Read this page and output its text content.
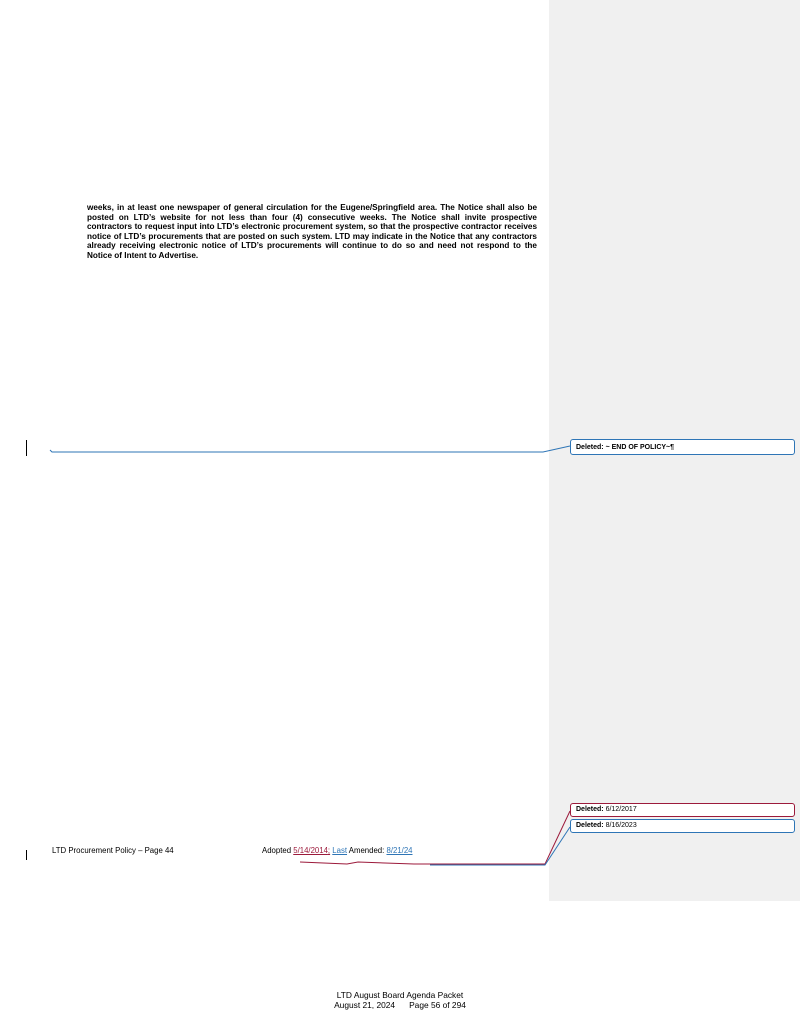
weeks, in at least one newspaper of general circulation for the Eugene/Springfield area. The Notice shall also be posted on LTD’s website for not less than four (4) consecutive weeks. The Notice shall invite prospective contractors to request input into LTD’s electronic procurement system, so that the prospective contractor receives notice of LTD’s procurements that are posted on such system. LTD may indicate in the Notice that any contractors already receiving electronic notice of LTD’s procurements will continue to do so and need not respond to the Notice of Intent to Advertise.

Deleted: ~ END OF POLICY~¶
Deleted: 6/12/2017
Deleted: 8/16/2023
LTD Procurement Policy – Page 44	Adopted 5/14/2014; Last Amended: 8/21/24
LTD August Board Agenda Packet
August 21, 2024 Page 56 of 294
